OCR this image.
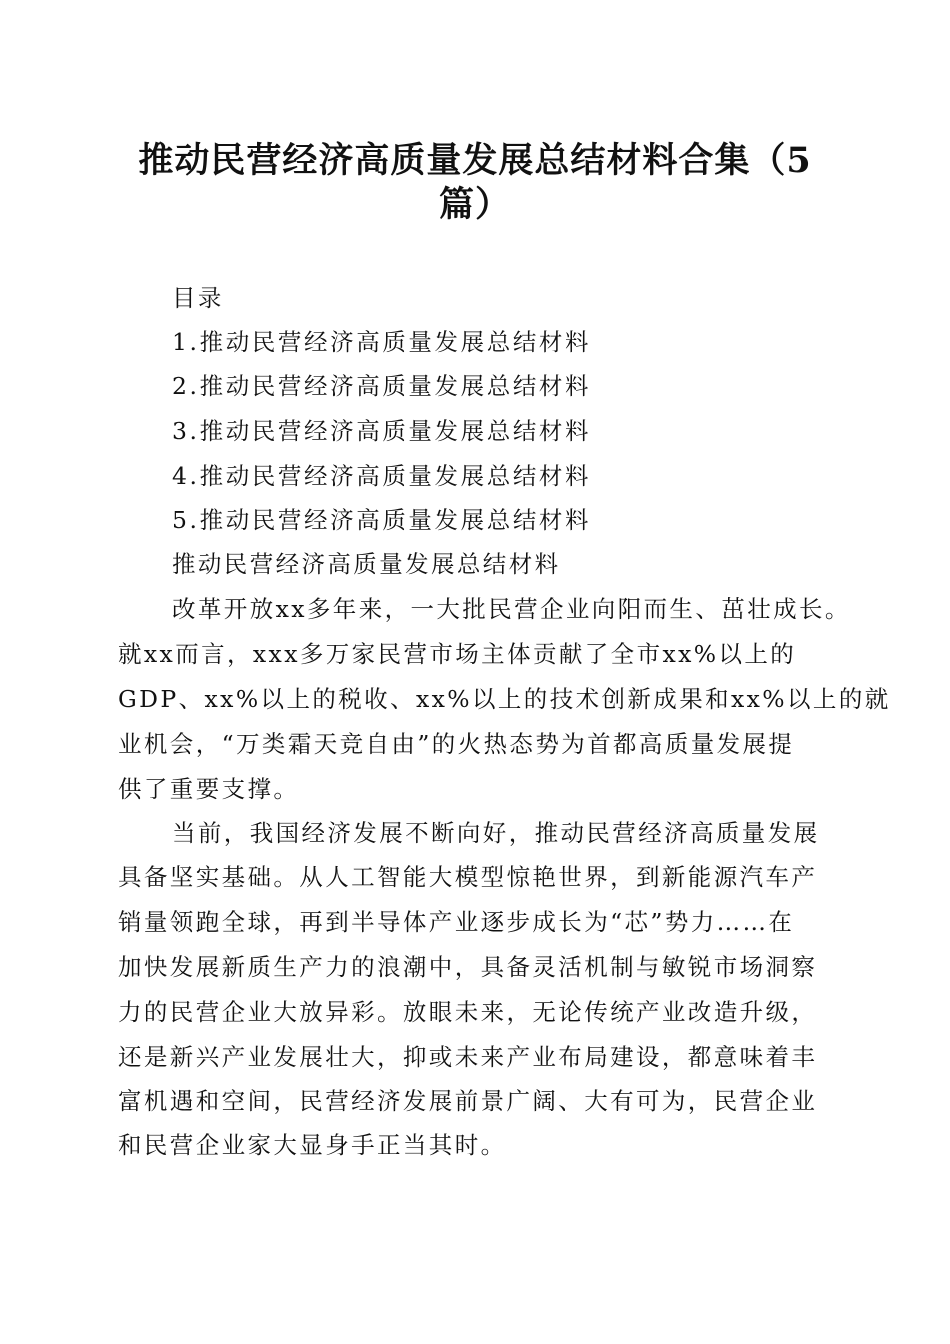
推动民营经济高质量发展总结材料合集（5
篇）
目录
1.推动民营经济高质量发展总结材料
2.推动民营经济高质量发展总结材料
3.推动民营经济高质量发展总结材料
4.推动民营经济高质量发展总结材料
5.推动民营经济高质量发展总结材料
推动民营经济高质量发展总结材料
改革开放xx多年来，一大批民营企业向阳而生、茁壮成长。
就xx而言，xxx多万家民营市场主体贡献了全市xx%以上的
GDP、xx%以上的税收、xx%以上的技术创新成果和xx%以上的就
业机会，“万类霜天竞自由”的火热态势为首都高质量发展提
供了重要支撑。
当前，我国经济发展不断向好，推动民营经济高质量发展
具备坚实基础。从人工智能大模型惊艳世界，到新能源汽车产
销量领跑全球，再到半导体产业逐步成长为“芯”势力……在
加快发展新质生产力的浪潮中，具备灵活机制与敏锐市场洞察
力的民营企业大放异彩。放眼未来，无论传统产业改造升级，
还是新兴产业发展壮大，抑或未来产业布局建设，都意味着丰
富机遇和空间，民营经济发展前景广阔、大有可为，民营企业
和民营企业家大显身手正当其时。
